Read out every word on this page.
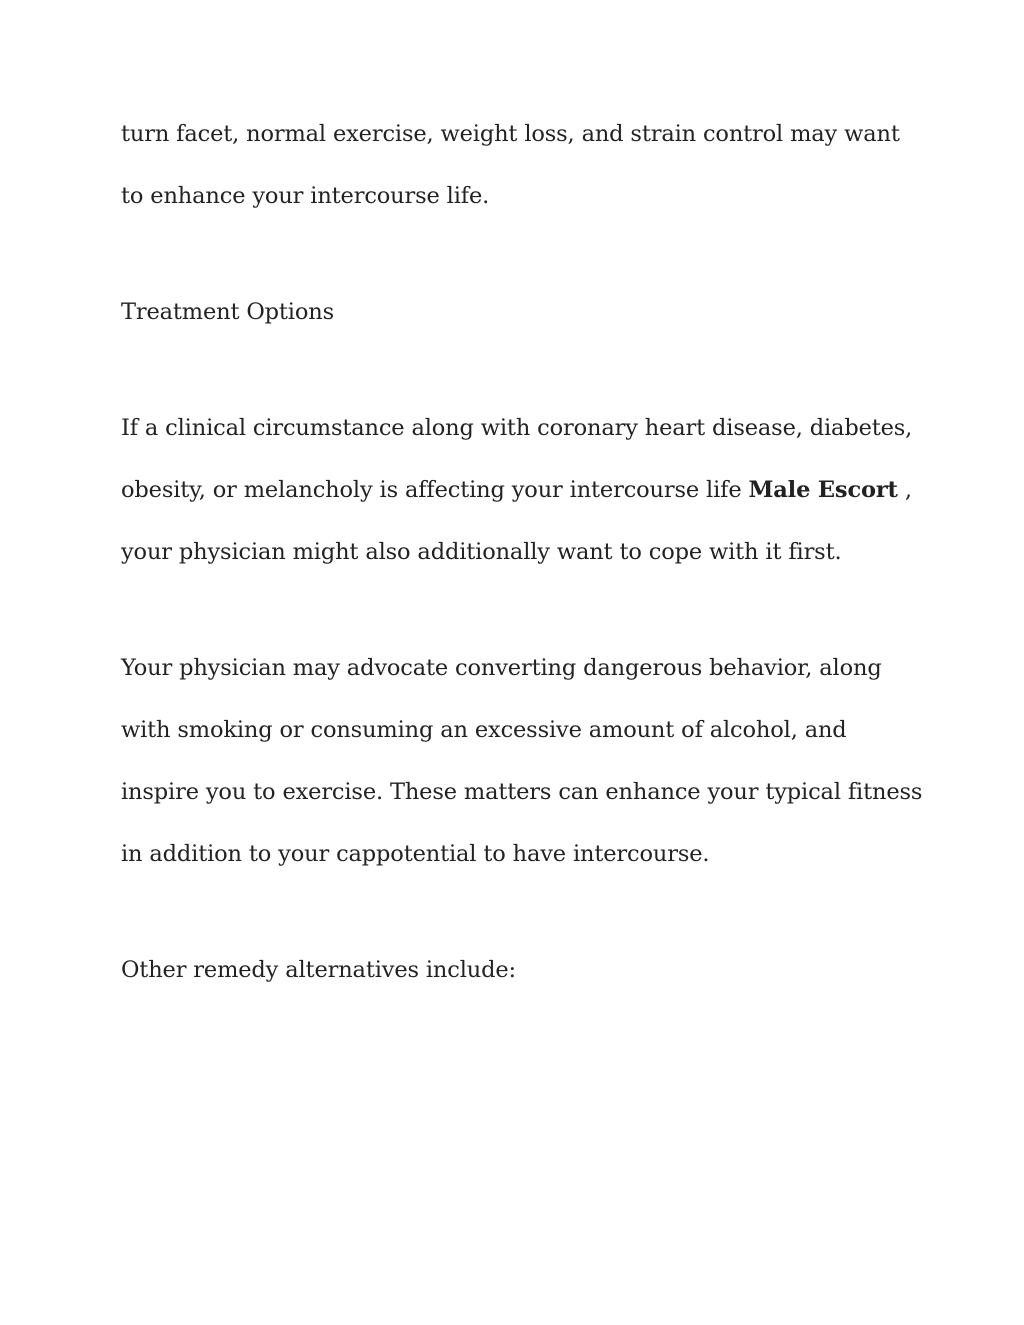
turn facet, normal exercise, weight loss, and strain control may want
to enhance your intercourse life.
Treatment Options
If a clinical circumstance along with coronary heart disease, diabetes,
obesity, or melancholy is affecting your intercourse life Male Escort ,
your physician might also additionally want to cope with it first.
Your physician may advocate converting dangerous behavior, along
with smoking or consuming an excessive amount of alcohol, and
inspire you to exercise. These matters can enhance your typical fitness
in addition to your cappotential to have intercourse.
Other remedy alternatives include:
